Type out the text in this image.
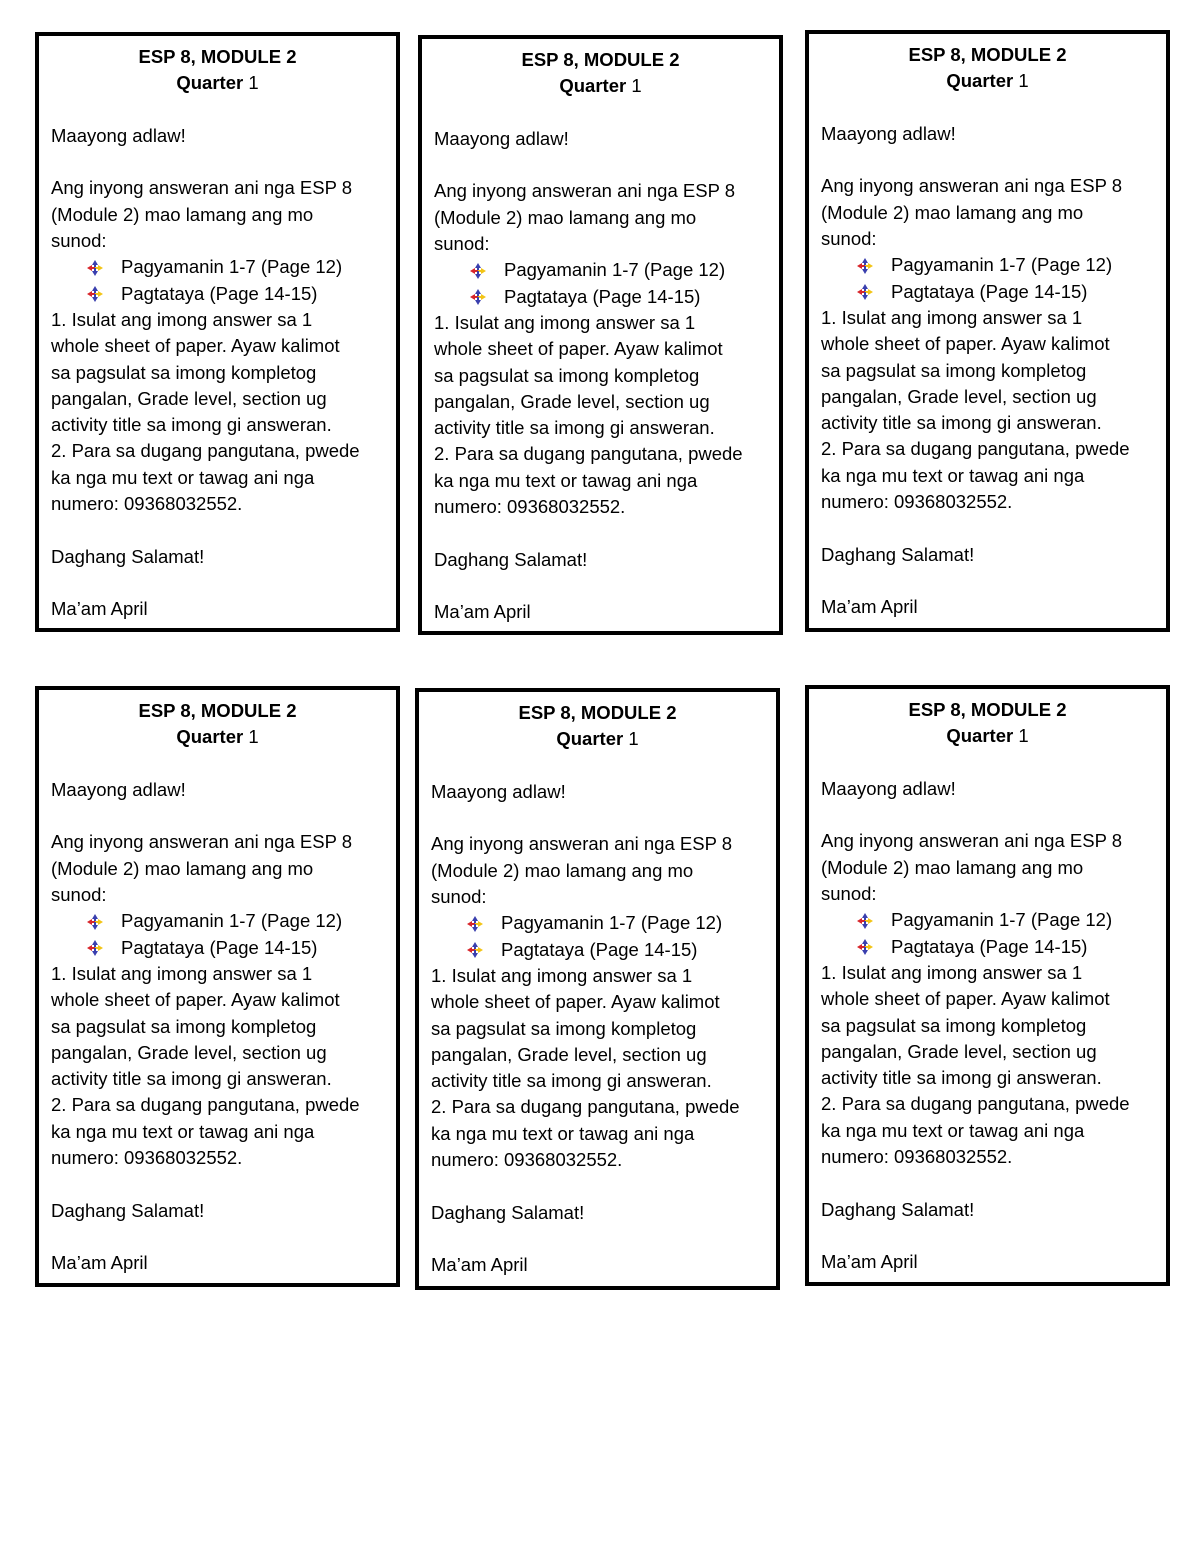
ESP 8, MODULE 2
Quarter 1
Maayong adlaw!
Ang inyong answeran ani nga ESP 8
(Module 2) mao lamang ang mo
sunod:
Pagyamanin 1-7 (Page 12)
Pagtataya (Page 14-15)
1. Isulat ang imong answer sa 1
whole sheet of paper. Ayaw kalimot
sa pagsulat sa imong kompletog
pangalan, Grade level, section ug
activity title sa imong gi answeran.
2. Para sa dugang pangutana, pwede
ka nga mu text or tawag ani nga
numero: 09368032552.
Daghang Salamat!
Ma’am April
ESP 8, MODULE 2
Quarter 1
Maayong adlaw!
Ang inyong answeran ani nga ESP 8
(Module 2) mao lamang ang mo
sunod:
Pagyamanin 1-7 (Page 12)
Pagtataya (Page 14-15)
1. Isulat ang imong answer sa 1
whole sheet of paper. Ayaw kalimot
sa pagsulat sa imong kompletog
pangalan, Grade level, section ug
activity title sa imong gi answeran.
2. Para sa dugang pangutana, pwede
ka nga mu text or tawag ani nga
numero: 09368032552.
Daghang Salamat!
Ma’am April
ESP 8, MODULE 2
Quarter 1
Maayong adlaw!
Ang inyong answeran ani nga ESP 8
(Module 2) mao lamang ang mo
sunod:
Pagyamanin 1-7 (Page 12)
Pagtataya (Page 14-15)
1. Isulat ang imong answer sa 1
whole sheet of paper. Ayaw kalimot
sa pagsulat sa imong kompletog
pangalan, Grade level, section ug
activity title sa imong gi answeran.
2. Para sa dugang pangutana, pwede
ka nga mu text or tawag ani nga
numero: 09368032552.
Daghang Salamat!
Ma’am April
ESP 8, MODULE 2
Quarter 1
Maayong adlaw!
Ang inyong answeran ani nga ESP 8
(Module 2) mao lamang ang mo
sunod:
Pagyamanin 1-7 (Page 12)
Pagtataya (Page 14-15)
1. Isulat ang imong answer sa 1
whole sheet of paper. Ayaw kalimot
sa pagsulat sa imong kompletog
pangalan, Grade level, section ug
activity title sa imong gi answeran.
2. Para sa dugang pangutana, pwede
ka nga mu text or tawag ani nga
numero: 09368032552.
Daghang Salamat!
Ma’am April
ESP 8, MODULE 2
Quarter 1
Maayong adlaw!
Ang inyong answeran ani nga ESP 8
(Module 2) mao lamang ang mo
sunod:
Pagyamanin 1-7 (Page 12)
Pagtataya (Page 14-15)
1. Isulat ang imong answer sa 1
whole sheet of paper. Ayaw kalimot
sa pagsulat sa imong kompletog
pangalan, Grade level, section ug
activity title sa imong gi answeran.
2. Para sa dugang pangutana, pwede
ka nga mu text or tawag ani nga
numero: 09368032552.
Daghang Salamat!
Ma’am April
ESP 8, MODULE 2
Quarter 1
Maayong adlaw!
Ang inyong answeran ani nga ESP 8
(Module 2) mao lamang ang mo
sunod:
Pagyamanin 1-7 (Page 12)
Pagtataya (Page 14-15)
1. Isulat ang imong answer sa 1
whole sheet of paper. Ayaw kalimot
sa pagsulat sa imong kompletog
pangalan, Grade level, section ug
activity title sa imong gi answeran.
2. Para sa dugang pangutana, pwede
ka nga mu text or tawag ani nga
numero: 09368032552.
Daghang Salamat!
Ma’am April
